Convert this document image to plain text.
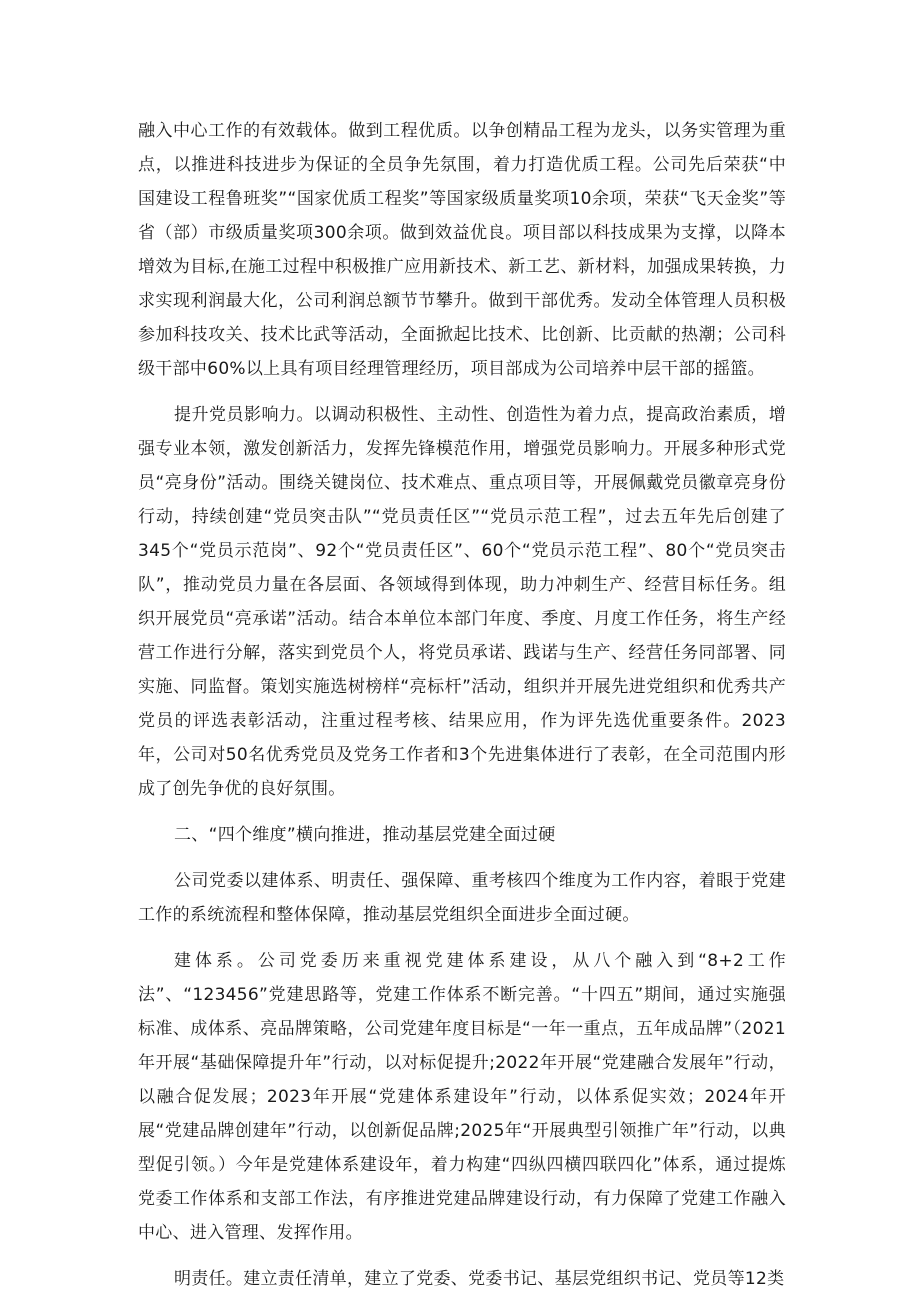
融入中心工作的有效载体。做到工程优质。以争创精品工程为龙头，以务实管理为重点，以推进科技进步为保证的全员争先氛围，着力打造优质工程。公司先后荣获“中国建设工程鲁班奖”“国家优质工程奖”等国家级质量奖项10余项，荣获“飞天金奖”等省（部）市级质量奖项300余项。做到效益优良。项目部以科技成果为支撑，以降本增效为目标,在施工过程中积极推广应用新技术、新工艺、新材料，加强成果转换，力求实现利润最大化，公司利润总额节节攀升。做到干部优秀。发动全体管理人员积极参加科技攻关、技术比武等活动，全面掀起比技术、比创新、比贡献的热潮；公司科级干部中60%以上具有项目经理管理经历，项目部成为公司培养中层干部的摇篮。

提升党员影响力。以调动积极性、主动性、创造性为着力点，提高政治素质，增强专业本领，激发创新活力，发挥先锋模范作用，增强党员影响力。开展多种形式党员“亮身份”活动。围绕关键岗位、技术难点、重点项目等，开展佩戴党员徽章亮身份行动，持续创建“党员突击队”“党员责任区”“党员示范工程”，过去五年先后创建了345个“党员示范岗”、92个“党员责任区”、60个“党员示范工程”、80个“党员突击队”，推动党员力量在各层面、各领域得到体现，助力冲刺生产、经营目标任务。组织开展党员“亮承诺”活动。结合本单位本部门年度、季度、月度工作任务，将生产经营工作进行分解，落实到党员个人，将党员承诺、践诺与生产、经营任务同部署、同实施、同监督。策划实施选树榜样“亮标杆”活动，组织并开展先进党组织和优秀共产党员的评选表彰活动，注重过程考核、结果应用，作为评先选优重要条件。2023年，公司对50名优秀党员及党务工作者和3个先进集体进行了表彰，在全司范围内形成了创先争优的良好氛围。

二、“四个维度”横向推进，推动基层党建全面过硬

公司党委以建体系、明责任、强保障、重考核四个维度为工作内容，着眼于党建工作的系统流程和整体保障，推动基层党组织全面进步全面过硬。

建体系。公司党委历来重视党建体系建设，从八个融入到“8+2工作法”、“123456”党建思路等，党建工作体系不断完善。“十四五”期间，通过实施强标准、成体系、亮品牌策略，公司党建年度目标是“一年一重点，五年成品牌”（2021年开展“基础保障提升年”行动，以对标促提升;2022年开展“党建融合发展年”行动，以融合促发展；2023年开展“党建体系建设年”行动，以体系促实效；2024年开展“党建品牌创建年”行动，以创新促品牌;2025年“开展典型引领推广年”行动，以典型促引领。）今年是党建体系建设年，着力构建“四纵四横四联四化”体系，通过提炼党委工作体系和支部工作法，有序推进党建品牌建设行动，有力保障了党建工作融入中心、进入管理、发挥作用。

明责任。建立责任清单，建立了党委、党委书记、基层党组织书记、党员等12类
